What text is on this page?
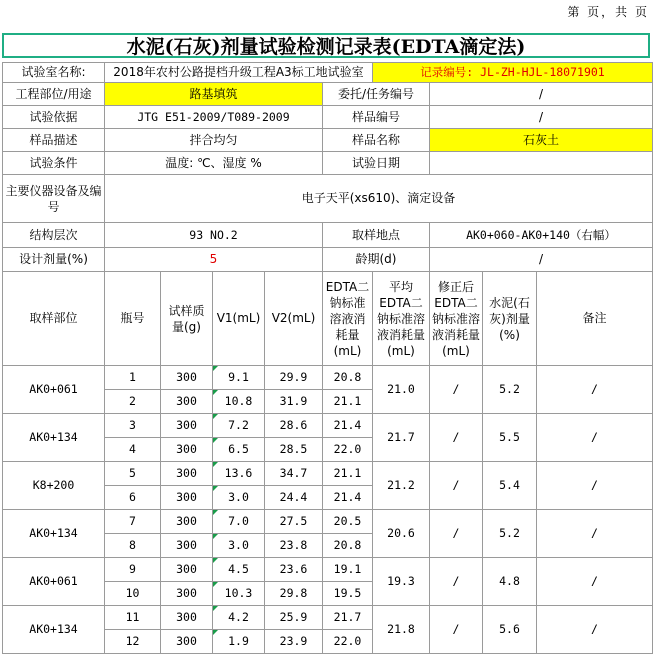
第 页，共 页
水泥(石灰)剂量试验检测记录表(EDTA滴定法)
试验室名称:	2018年农村公路提档升级工程A3标工地试验室					记录编号: JL-ZH-HJL-18071901			
工程部位/用途	路基填筑				委托/任务编号		/		
试验依据	JTG E51-2009/T089-2009				样品编号		/		
样品描述	拌合均匀				样品名称		石灰土		
试验条件	温度: ℃、湿度 %				试验日期				
主要仪器设备及编号	电子天平(xs610)、滴定设备								
结构层次	93 NO.2				取样地点		AK0+060-AK0+140（右幅）		
设计剂量(%)	5				龄期(d)		/		
取样部位	瓶号	试样质量(g)	V1(mL)	V2(mL)	EDTA二钠标准溶液消耗量(mL)	平均EDTA二钠标准溶液消耗量(mL)	修正后EDTA二钠标准溶液消耗量(mL)	水泥(石灰)剂量(%)	备注
AK0+061	1	300	9.1	29.9	20.8	21.0	/	5.2	/
	2	300	10.8	31.9	21.1				
AK0+134	3	300	7.2	28.6	21.4	21.7	/	5.5	/
	4	300	6.5	28.5	22.0				
K8+200	5	300	13.6	34.7	21.1	21.2	/	5.4	/
	6	300	3.0	24.4	21.4				
AK0+134	7	300	7.0	27.5	20.5	20.6	/	5.2	/
	8	300	3.0	23.8	20.8				
AK0+061	9	300	4.5	23.6	19.1	19.3	/	4.8	/
	10	300	10.3	29.8	19.5				
AK0+134	11	300	4.2	25.9	21.7	21.8	/	5.6	/
	12	300	1.9	23.9	22.0				
